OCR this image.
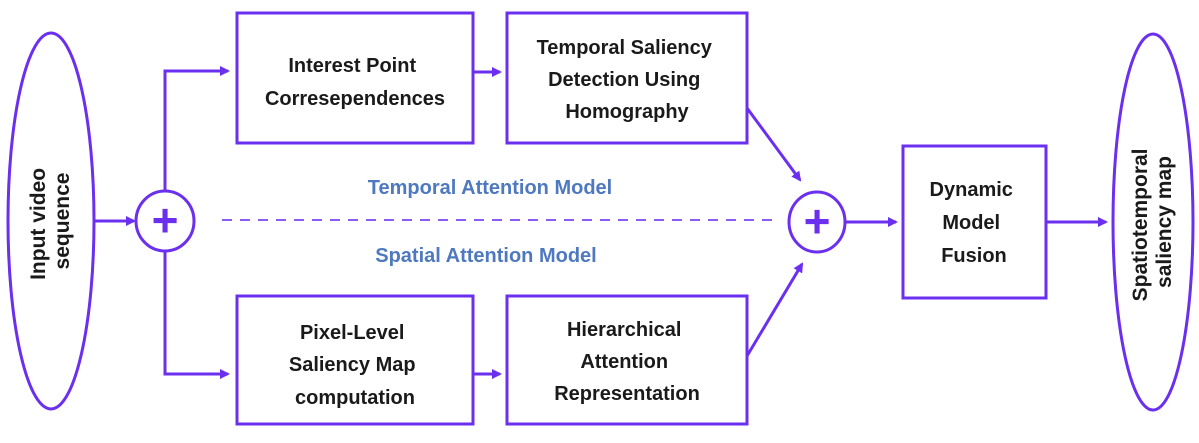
Input video sequence +
Interest Point Corresependences
Temporal Saliency Detection Using Homography
Pixel-Level Saliency Map computation
Hierarchical Attention Representation
Temporal Attention Model
Spatial Attention Model
+
Dynamic Model Fusion	Spatiotemporal saliency map
